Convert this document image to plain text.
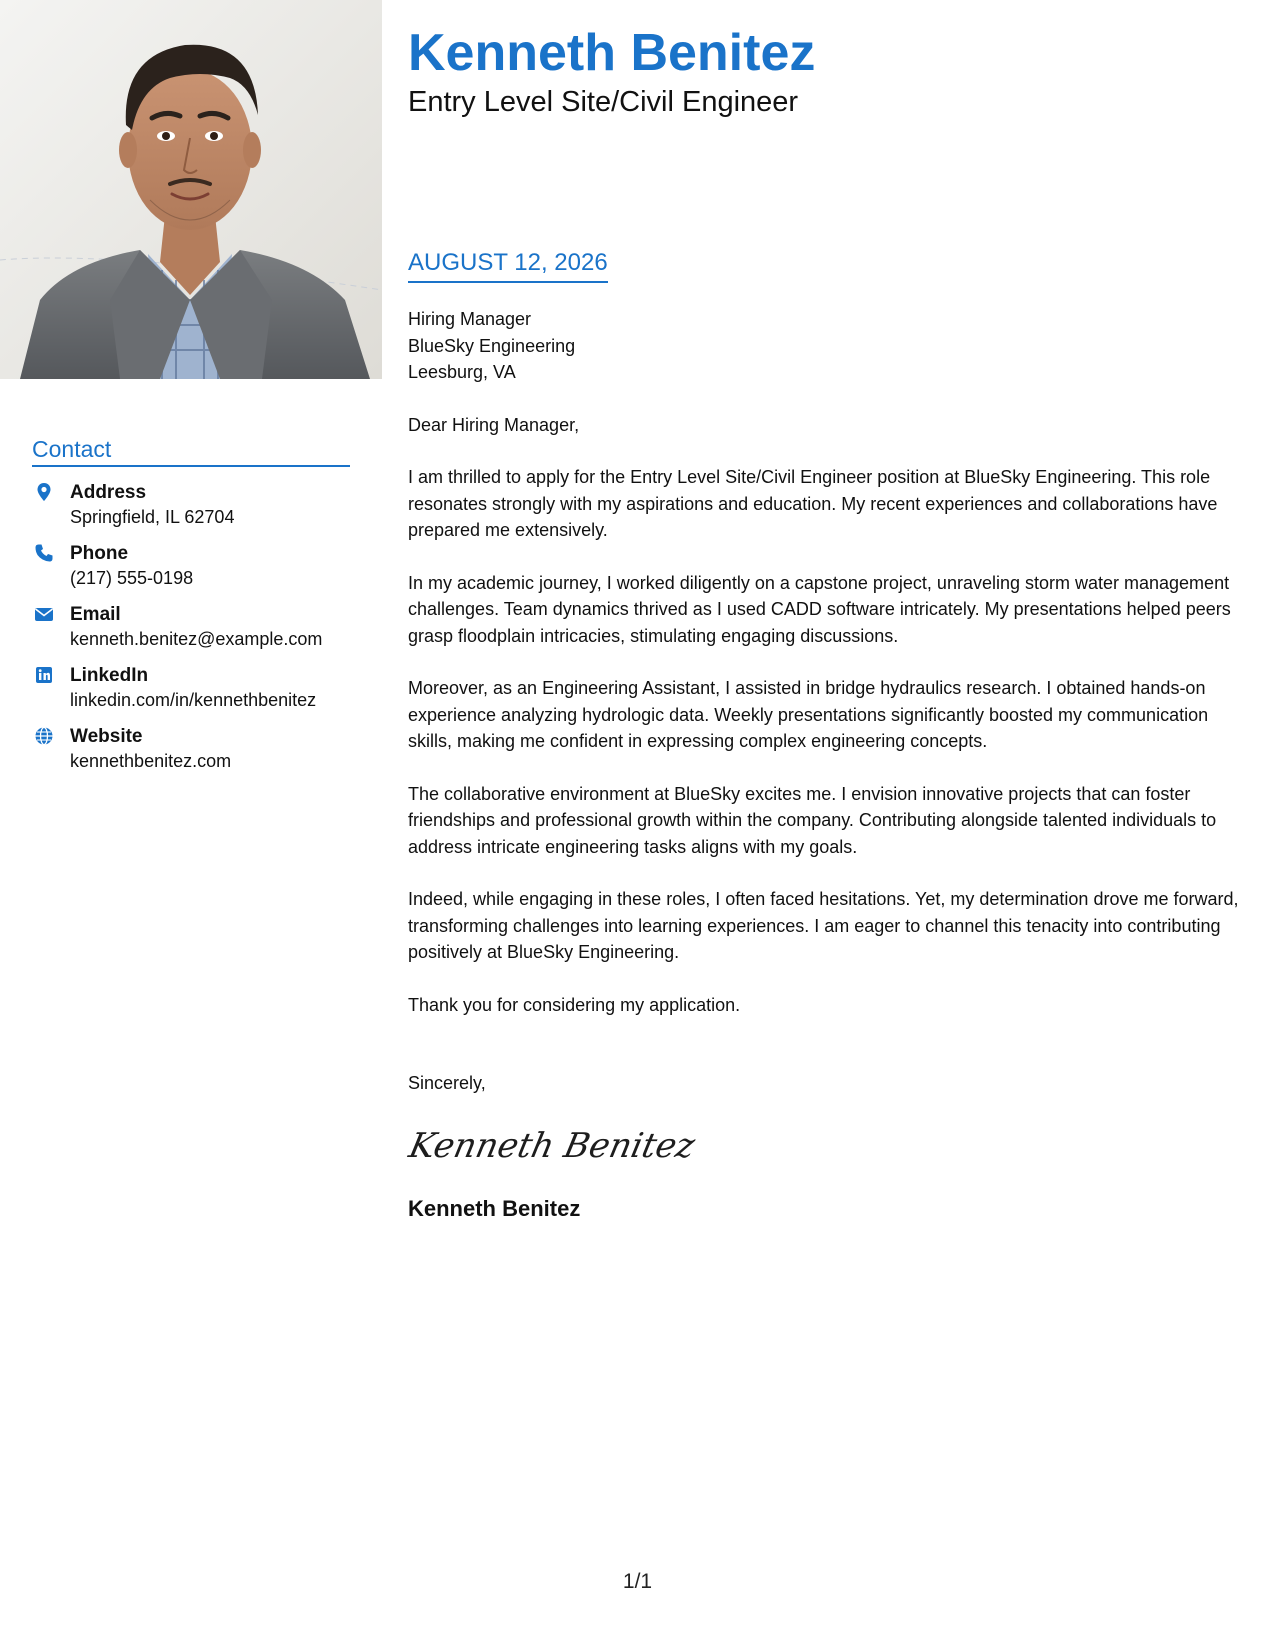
Contact
Address
Springfield, IL 62704
Phone
(217) 555-0198
Email
kenneth.benitez@example.com
LinkedIn
linkedin.com/in/kennethbenitez
Website
kennethbenitez.com
Kenneth Benitez
Entry Level Site/Civil Engineer
AUGUST 12, 2026
Hiring Manager
BlueSky Engineering
Leesburg, VA

Dear Hiring Manager,

I am thrilled to apply for the Entry Level Site/Civil Engineer position at BlueSky Engineering. This role resonates strongly with my aspirations and education. My recent experiences and collaborations have prepared me extensively.

In my academic journey, I worked diligently on a capstone project, unraveling storm water management challenges. Team dynamics thrived as I used CADD software intricately. My presentations helped peers grasp floodplain intricacies, stimulating engaging discussions.

Moreover, as an Engineering Assistant, I assisted in bridge hydraulics research. I obtained hands-on experience analyzing hydrologic data. Weekly presentations significantly boosted my communication skills, making me confident in expressing complex engineering concepts.

The collaborative environment at BlueSky excites me. I envision innovative projects that can foster friendships and professional growth within the company. Contributing alongside talented individuals to address intricate engineering tasks aligns with my goals.

Indeed, while engaging in these roles, I often faced hesitations. Yet, my determination drove me forward, transforming challenges into learning experiences. I am eager to channel this tenacity into contributing positively at BlueSky Engineering.

Thank you for considering my application.

Sincerely,

Kenneth Benitez
Kenneth Benitez
1/1
